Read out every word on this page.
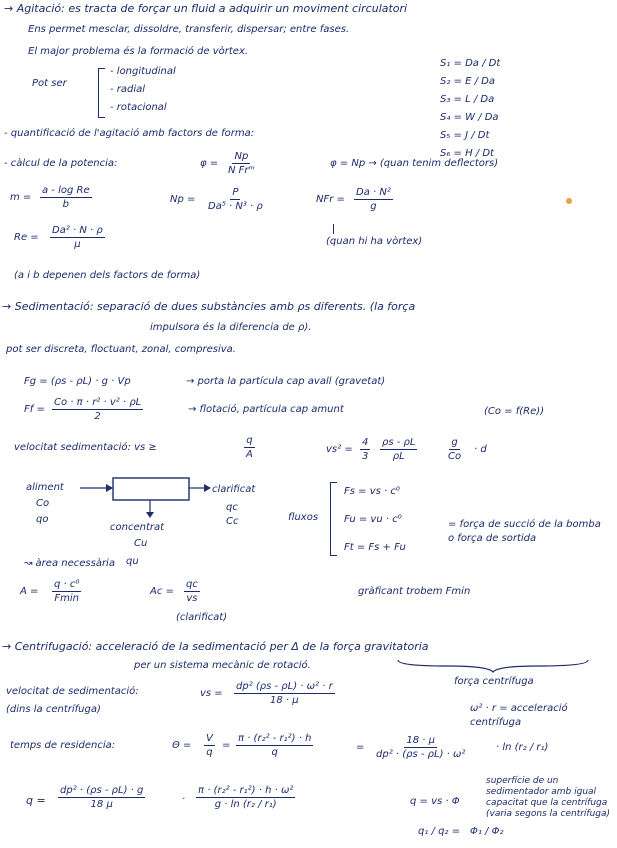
→ Agitació: es tracta de forçar un fluid a adquirir un moviment circulatori
Ens permet mesclar, dissoldre, transferir, dispersar; entre fases.
El major problema és la formació de vòrtex.
Pot ser
- longitudinal
- radial
- rotacional
S₁ = Da / Dt
S₂ = E / Da
S₃ = L / Da
S₄ = W / Da
S₅ = J / Dt
S₆ = H / Dt
- quantificació de l'agitació amb factors de forma:
- càlcul de la potencia:	φ =
Np
N Frᵐ
φ = Np → (quan tenim deflectors)
$m = \frac{\text{a - log Re}}{b}$	$Np = \frac{P}{\text{Da⁵ · N³ · ρ}}$	NFr = $\frac{\text{Da · N²}}{g}$
(quan hi ha vòrtex)
$Re = \frac{\text{Da² · N · ρ}}{\mu}$
(a i b depenen dels factors de forma)
→ Sedimentació: separació de dues substàncies amb ρs diferents. (la força
impulsora és la diferencia de ρ).
pot ser discreta, floctuant, zonal, compresiva.
Fg = (ρs - ρL) · g · Vp	→ porta la partícula cap avall (gravetat)
$Ff = \frac{\text{Co · π · r² · v² · ρL}}{2}$	→ flotació, partícula cap amunt	(Co = f(Re))
velocitat sedimentació: vs ≥	$\frac{q}{A}$	$vs^2 = \frac{4}{3} \frac{\rho s - \rho L}{\rho L}$	$\frac{g}{Co} \cdot d$
aliment
Co
qo
clarificat
qc
Cc
concentrat
Cu
qu
fluxos
Fs = vs · c⁰
Fu = vu · c⁰
Ft = Fs + Fu
= força de succió de la bomba o força de sortida
↝ àrea necessària
A =
q · c⁰
Fmin
$Ac = \frac{qc}{vs}$
(clarificat)
gràficant trobem Fmin
→ Centrifugació: acceleració de la sedimentació per Δ de la força gravitatoria
per un sistema mecànic de rotació.
força centrífuga
velocitat de sedimentació:
(dins la centrífuga)
vs = $\frac{\text{dp² (ρs - ρL) · ω² · r}}{18 \cdot \mu}$
ω² · r = acceleració centrífuga
temps de residencia:	$\Theta = \frac{V}{q} = \frac{\text{π · (r₂² - r₁²) · h}}{q}$	= $\frac{18 \cdot \mu}{\text{dp² · (ρs - ρL) · ω²}}$	· ln (r₂ / r₁)
$q = \frac{\text{dp² · (ρs - ρL) · g}}{18 \mu}$	· $\frac{\text{π · (r₂² - r₁²) · h · ω²}}{\text{g · ln (r₂ / r₁)}}$	q = vs · Φ
superfície de un sedimentador amb igual capacitat que la centrífuga (varia segons la centrífuga)
q₁ / q₂ = Φ₁ / Φ₂
